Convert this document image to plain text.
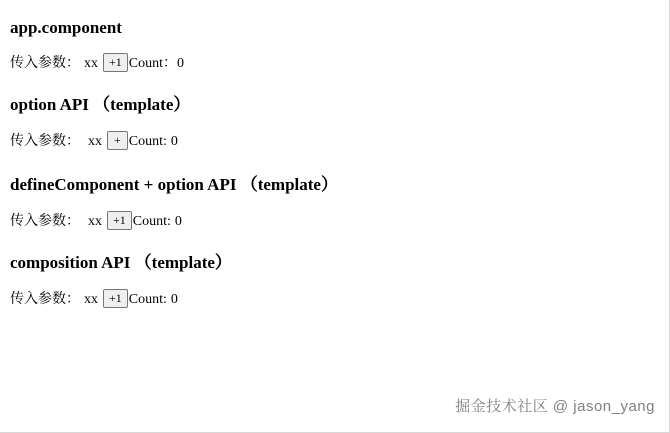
app.component
传入参数： xx +1 Count：0
option API （template）
传入参数： xx + Count: 0
defineComponent + option API （template）
传入参数： xx +1 Count: 0
composition API （template）
传入参数： xx +1 Count: 0
掘金技术社区 @ jason_yang
